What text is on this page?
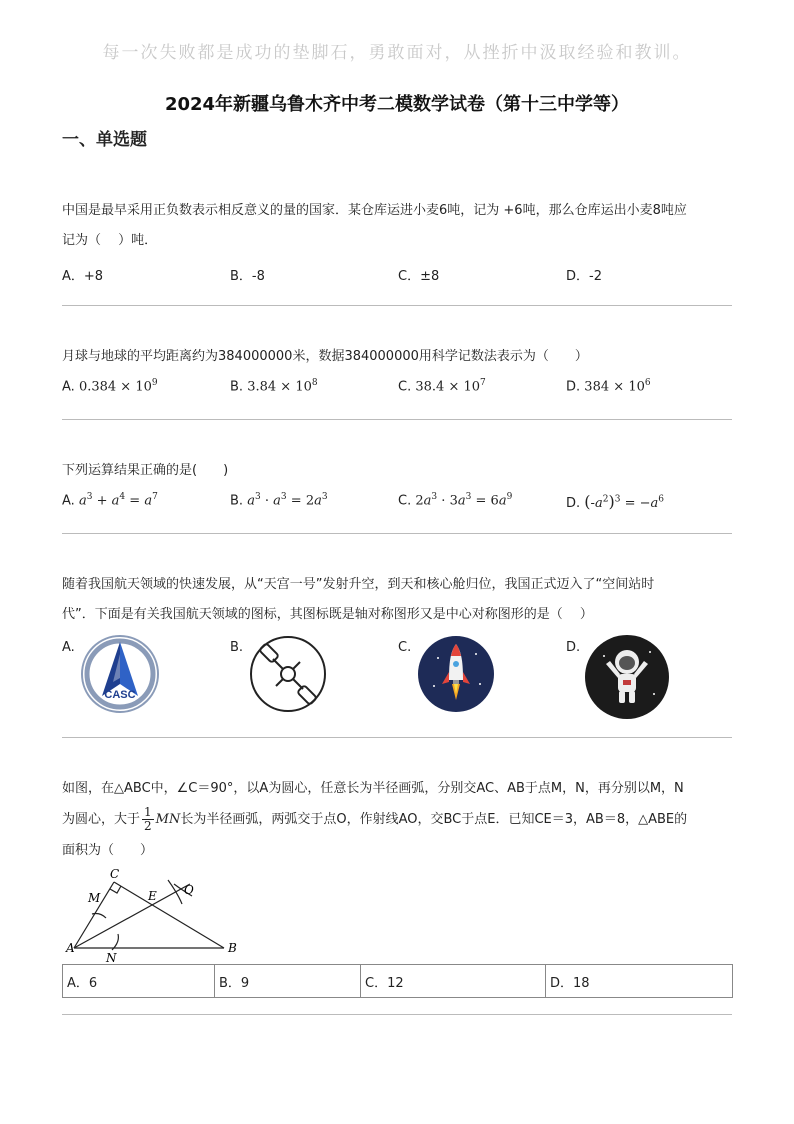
每一次失败都是成功的垫脚石，勇敢面对，从挫折中汲取经验和教训。
2024年新疆乌鲁木齐中考二模数学试卷（第十三中学等）
一、单选题
中国是最早采用正负数表示相反意义的量的国家．某仓库运进小麦6吨，记为 +6吨，那么仓库运出小麦8吨应
记为（　 ）吨．
A．+8	B．-8	C．±8	D．-2
月球与地球的平均距离约为384000000米，数据384000000用科学记数法表示为（　　）
A. $0.384 \times 10^9$	B. $3.84 \times 10^8$	C. $38.4 \times 10^7$	D. $384 \times 10^6$
下列运算结果正确的是(　　)
A. $a^3 + a^4 = a^7$	B. $a^3 \cdot a^3 = 2a^3$	C. $2a^3 \cdot 3a^3 = 6a^9$	D. $(-a^2)^3 = -a^6$
随着我国航天领域的快速发展，从“天宫一号”发射升空，到天和核心舱归位，我国正式迈入了“空间站时
代”．下面是有关我国航天领域的图标，其图标既是轴对称图形又是中心对称图形的是（　 ）
A.	B.	C.	D.
CASC
如图，在△ABC中，∠C＝90°，以A为圆心，任意长为半径画弧，分别交AC、AB于点M，N，再分别以M，N
为圆心，大于 $\frac{1}{2}$ MN长为半径画弧，两弧交于点O，作射线AO，交BC于点E．已知CE＝3，AB＝8，△ABE的
面积为（　　）
A	B
C
E
M
N
O
A．6	B．9	C．12	D．18
